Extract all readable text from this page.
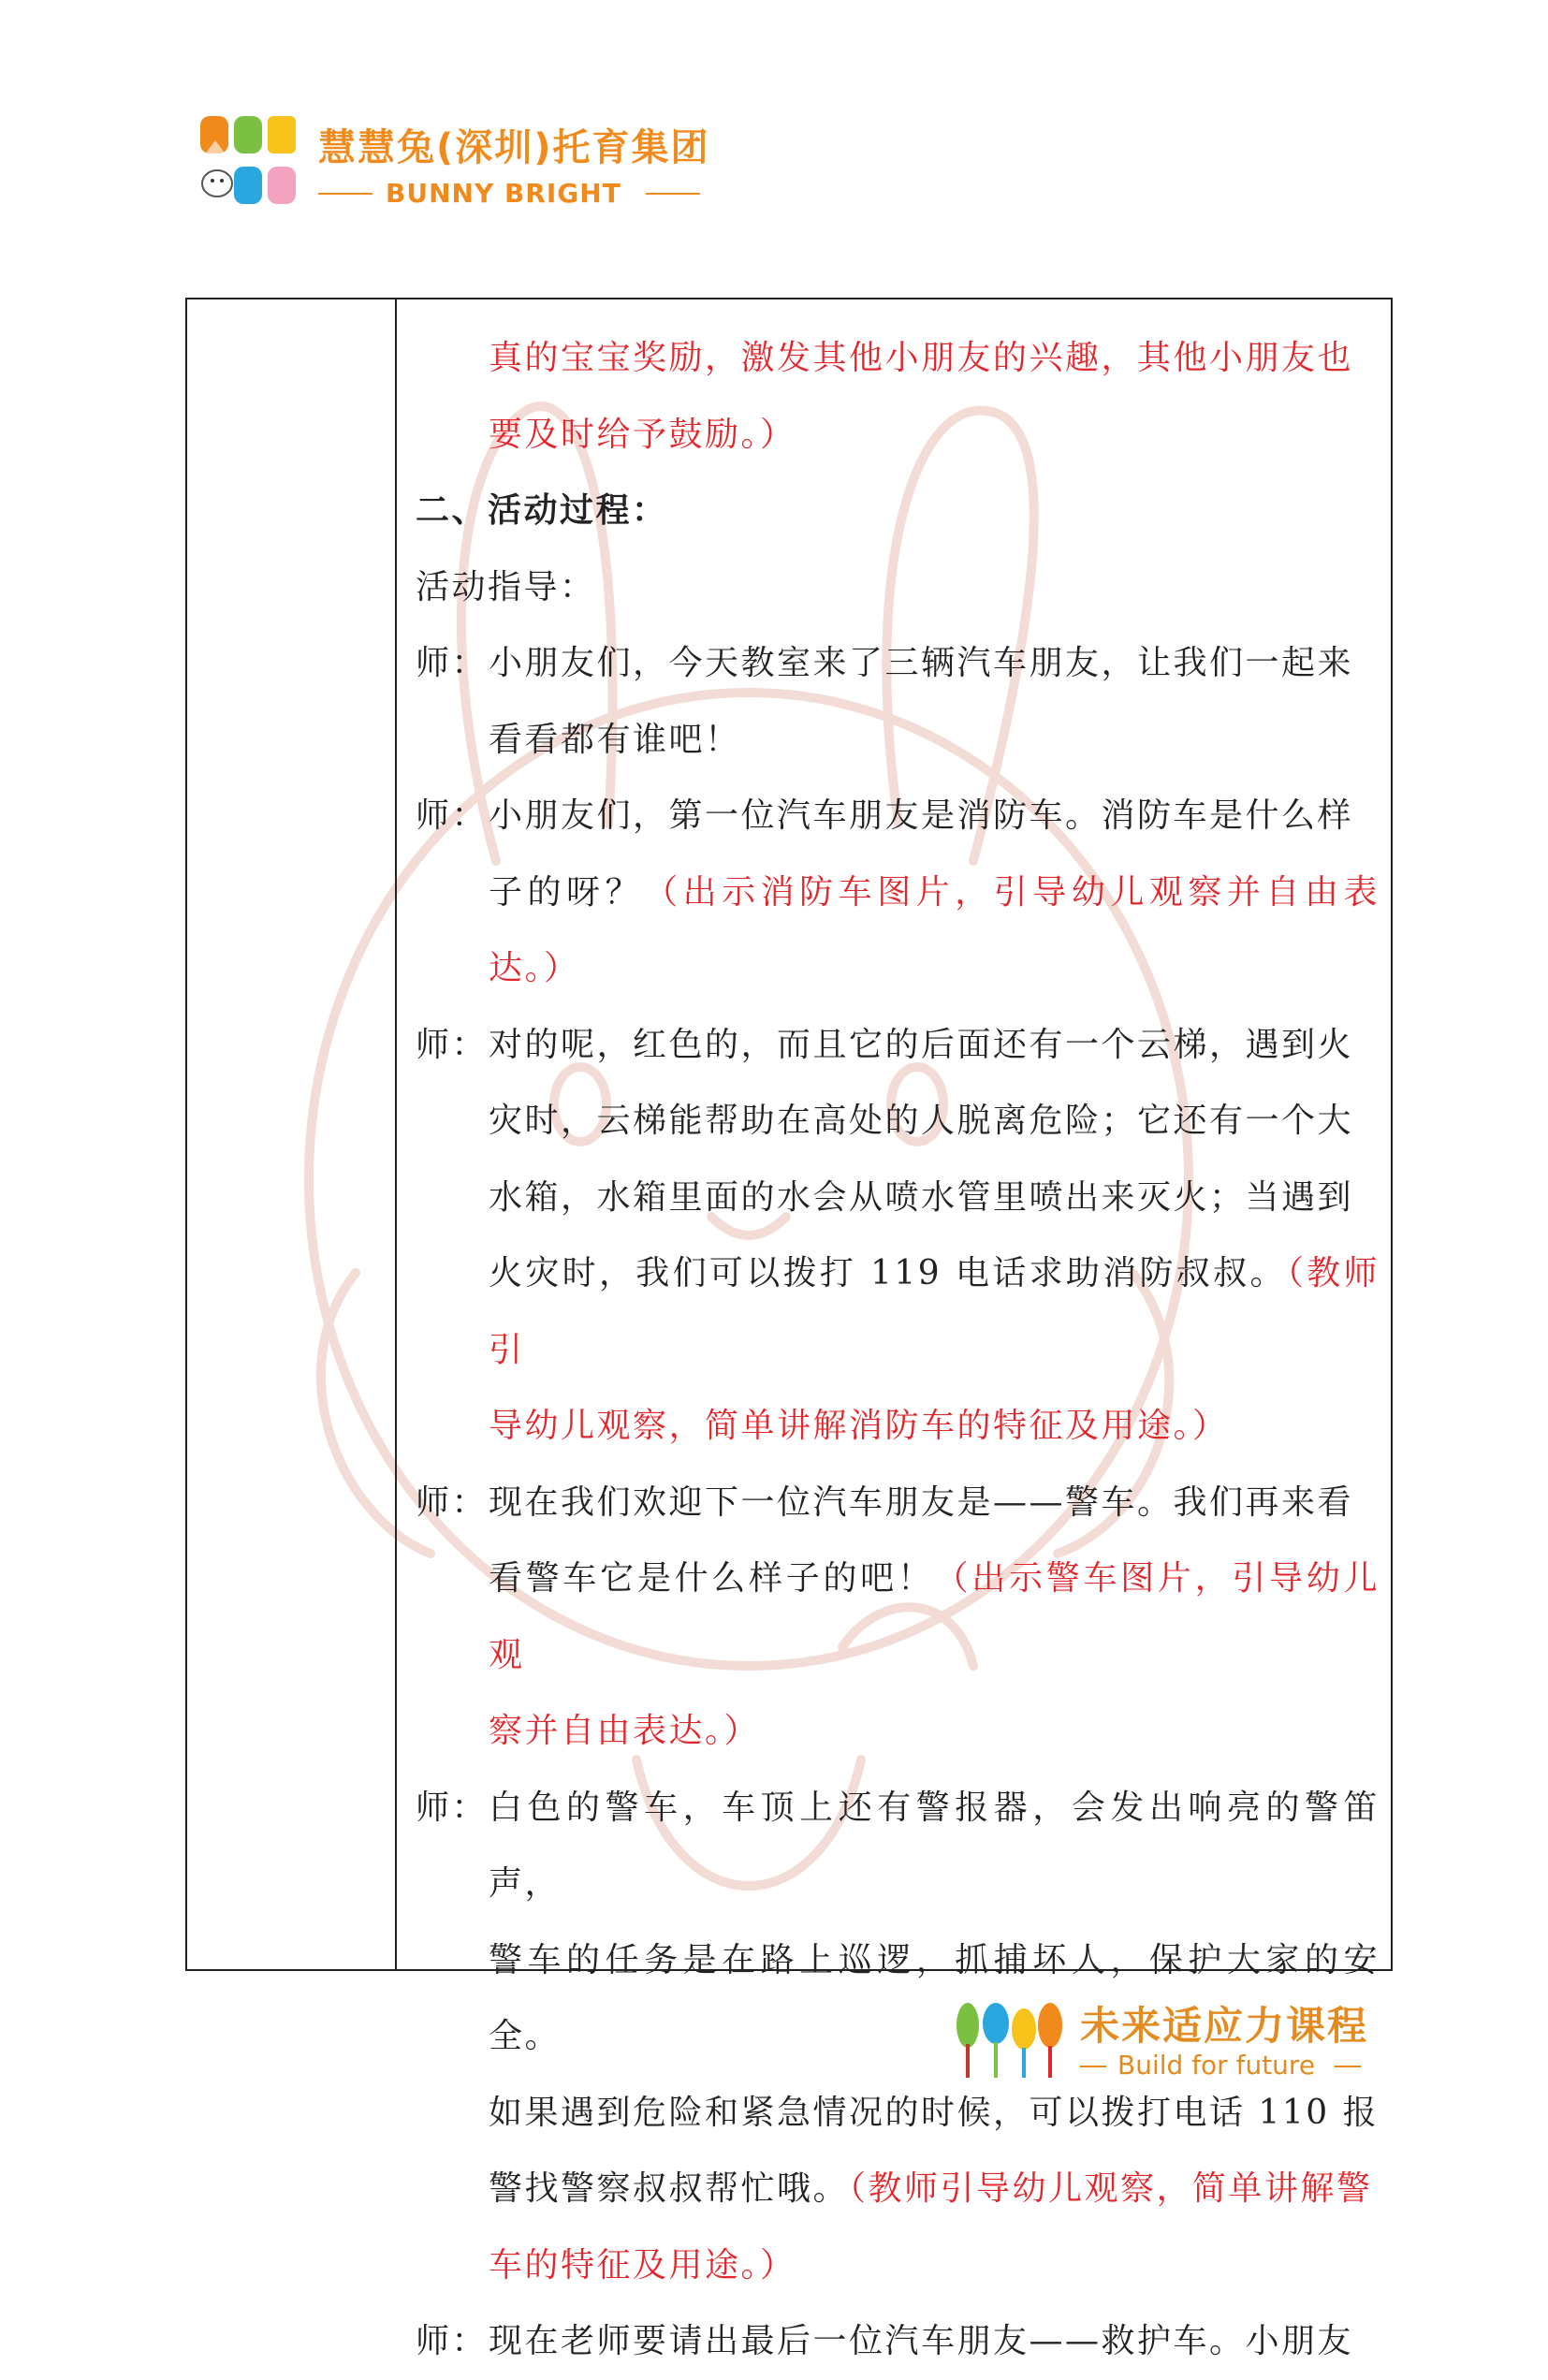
慧慧兔(深圳)托育集团
BUNNY BRIGHT

真的宝宝奖励，激发其他小朋友的兴趣，其他小朋友也

要及时给予鼓励。）

二、活动过程：

活动指导：

师： 小朋友们，今天教室来了三辆汽车朋友，让我们一起来

看看都有谁吧！

师： 小朋友们，第一位汽车朋友是消防车。消防车是什么样

子的呀？（出示消防车图片，引导幼儿观察并自由表达。）

师： 对的呢，红色的，而且它的后面还有一个云梯，遇到火

灾时，云梯能帮助在高处的人脱离危险；它还有一个大

水箱，水箱里面的水会从喷水管里喷出来灭火；当遇到

火灾时，我们可以拨打 119 电话求助消防叔叔。（教师引

导幼儿观察，简单讲解消防车的特征及用途。）

师： 现在我们欢迎下一位汽车朋友是——警车。我们再来看

看警车它是什么样子的吧！（出示警车图片，引导幼儿观

察并自由表达。）

师： 白色的警车，车顶上还有警报器，会发出响亮的警笛声，

警车的任务是在路上巡逻，抓捕坏人，保护大家的安全。

如果遇到危险和紧急情况的时候，可以拨打电话 110 报

警找警察叔叔帮忙哦。（教师引导幼儿观察，简单讲解警

车的特征及用途。）

师： 现在老师要请出最后一位汽车朋友——救护车。小朋友

未来适应力课程
Build for future
